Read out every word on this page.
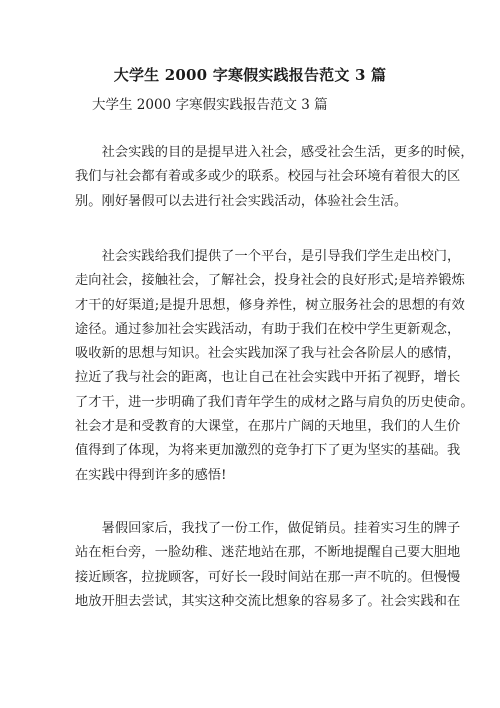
大学生 2000 字寒假实践报告范文 3 篇
大学生 2000 字寒假实践报告范文 3 篇
　　社会实践的目的是提早进入社会，感受社会生活，更多的时候，
我们与社会都有着或多或少的联系。校园与社会环境有着很大的区
别。刚好暑假可以去进行社会实践活动，体验社会生活。
　　社会实践给我们提供了一个平台，是引导我们学生走出校门，
走向社会，接触社会，了解社会，投身社会的良好形式;是培养锻炼
才干的好渠道;是提升思想，修身养性，树立服务社会的思想的有效
途径。通过参加社会实践活动，有助于我们在校中学生更新观念，
吸收新的思想与知识。社会实践加深了我与社会各阶层人的感情，
拉近了我与社会的距离，也让自己在社会实践中开拓了视野，增长
了才干，进一步明确了我们青年学生的成材之路与肩负的历史使命。
社会才是和受教育的大课堂，在那片广阔的天地里，我们的人生价
值得到了体现，为将来更加激烈的竞争打下了更为坚实的基础。我
在实践中得到许多的感悟!
　　暑假回家后，我找了一份工作，做促销员。挂着实习生的牌子
站在柜台旁，一脸幼稚、迷茫地站在那，不断地提醒自己要大胆地
接近顾客，拉拢顾客，可好长一段时间站在那一声不吭的。但慢慢
地放开胆去尝试，其实这种交流比想象的容易多了。社会实践和在
